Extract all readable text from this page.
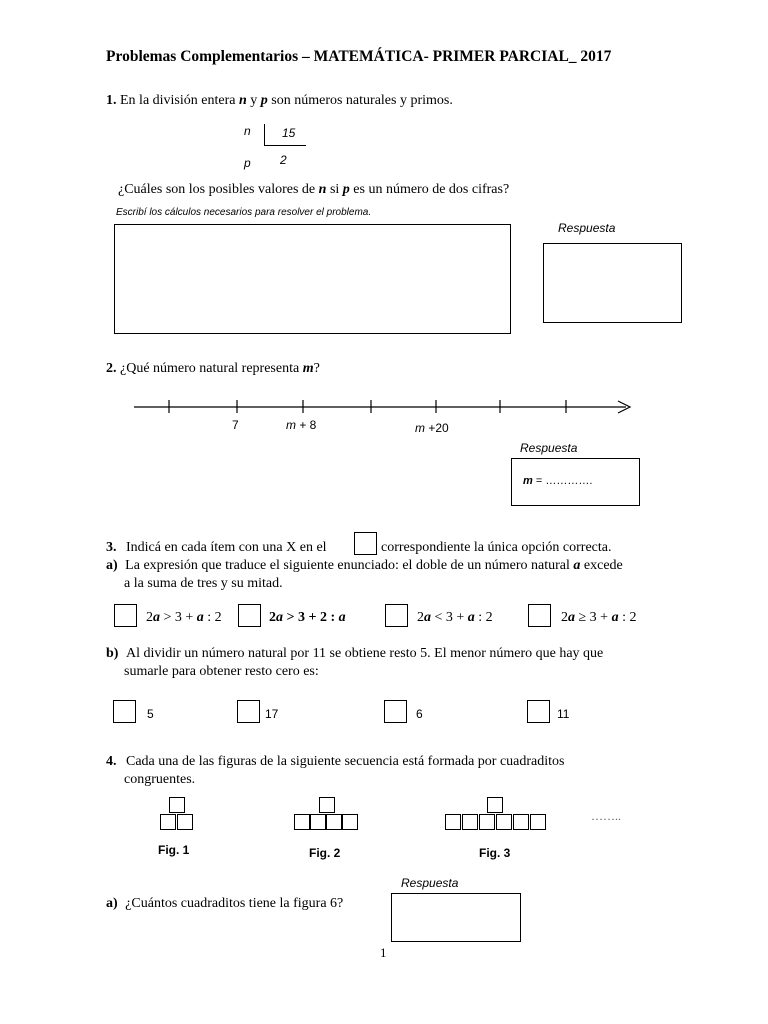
Problemas Complementarios – MATEMÁTICA- PRIMER PARCIAL_ 2017
1. En la división entera n y p son números naturales y primos.
n	15
p 2
¿Cuáles son los posibles valores de n si p es un número de dos cifras?
Escribí los cálculos necesarios para resolver el problema.
Respuesta
2. ¿Qué número natural representa m?
7	m + 8	m +20
Respuesta
m = ………….
3. Indicá en cada ítem con una X en el	correspondiente la única opción correcta.
a) La expresión que traduce el siguiente enunciado: el doble de un número natural a excede
a la suma de tres y su mitad.
2a > 3 + a : 2	2a > 3 + 2 : a	2a < 3 + a : 2	2a ≥ 3 + a : 2
b) Al dividir un número natural por 11 se obtiene resto 5. El menor número que hay que
sumarle para obtener resto cero es:
5	17	6	11
4. Cada una de las figuras de la siguiente secuencia está formada por cuadraditos
congruentes.
Fig. 1	Fig. 2	Fig. 3
……..
Respuesta
a) ¿Cuántos cuadraditos tiene la figura 6?
1
